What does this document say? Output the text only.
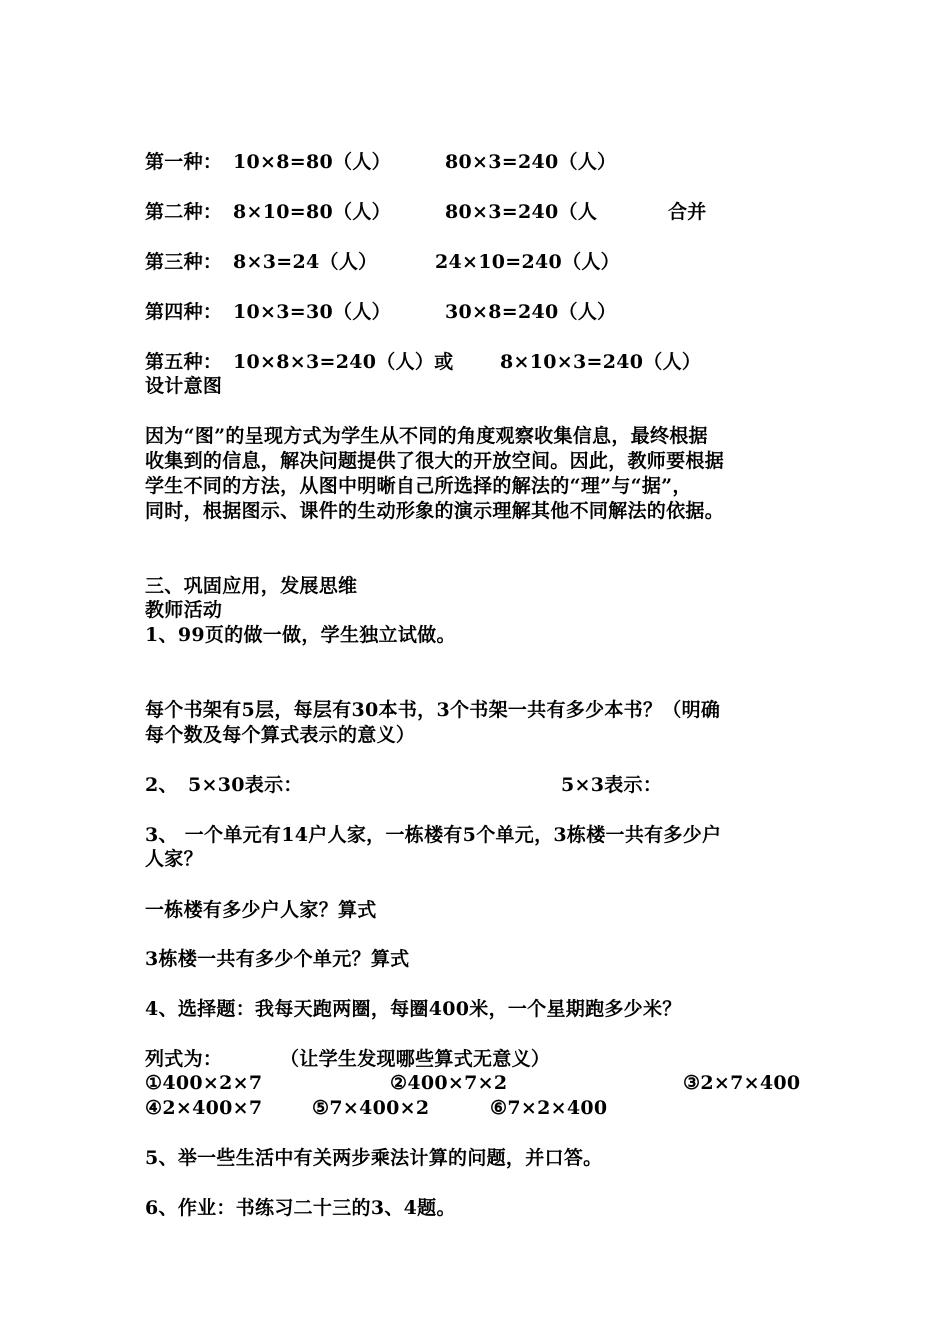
第一种： 10×8=80（人）	80×3=240（人）
第二种： 8×10=80（人）	80×3=240（人	合并
第三种： 8×3=24（人）	24×10=240（人）
第四种： 10×3=30（人）	30×8=240（人）
第五种： 10×8×3=240（人）或 8×10×3=240（人）
设计意图
因为“图”的呈现方式为学生从不同的角度观察收集信息，最终根据
收集到的信息，解决问题提供了很大的开放空间。因此，教师要根据
学生不同的方法，从图中明晰自己所选择的解法的“理”与“据”，
同时，根据图示、课件的生动形象的演示理解其他不同解法的依据。
三、巩固应用，发展思维
教师活动
1、99页的做一做，学生独立试做。
每个书架有5层，每层有30本书，3个书架一共有多少本书？（明确
每个数及每个算式表示的意义）
2、 5×30表示：	5×3表示：
3、 一个单元有14户人家，一栋楼有5个单元，3栋楼一共有多少户
人家？
一栋楼有多少户人家？算式
3栋楼一共有多少个单元？算式
4、选择题：我每天跑两圈，每圈400米，一个星期跑多少米？
列式为：	（让学生发现哪些算式无意义）
①400×2×7	②400×7×2	③2×7×400
④2×400×7	⑤7×400×2	⑥7×2×400
5、举一些生活中有关两步乘法计算的问题，并口答。
6、作业：书练习二十三的3、4题。
